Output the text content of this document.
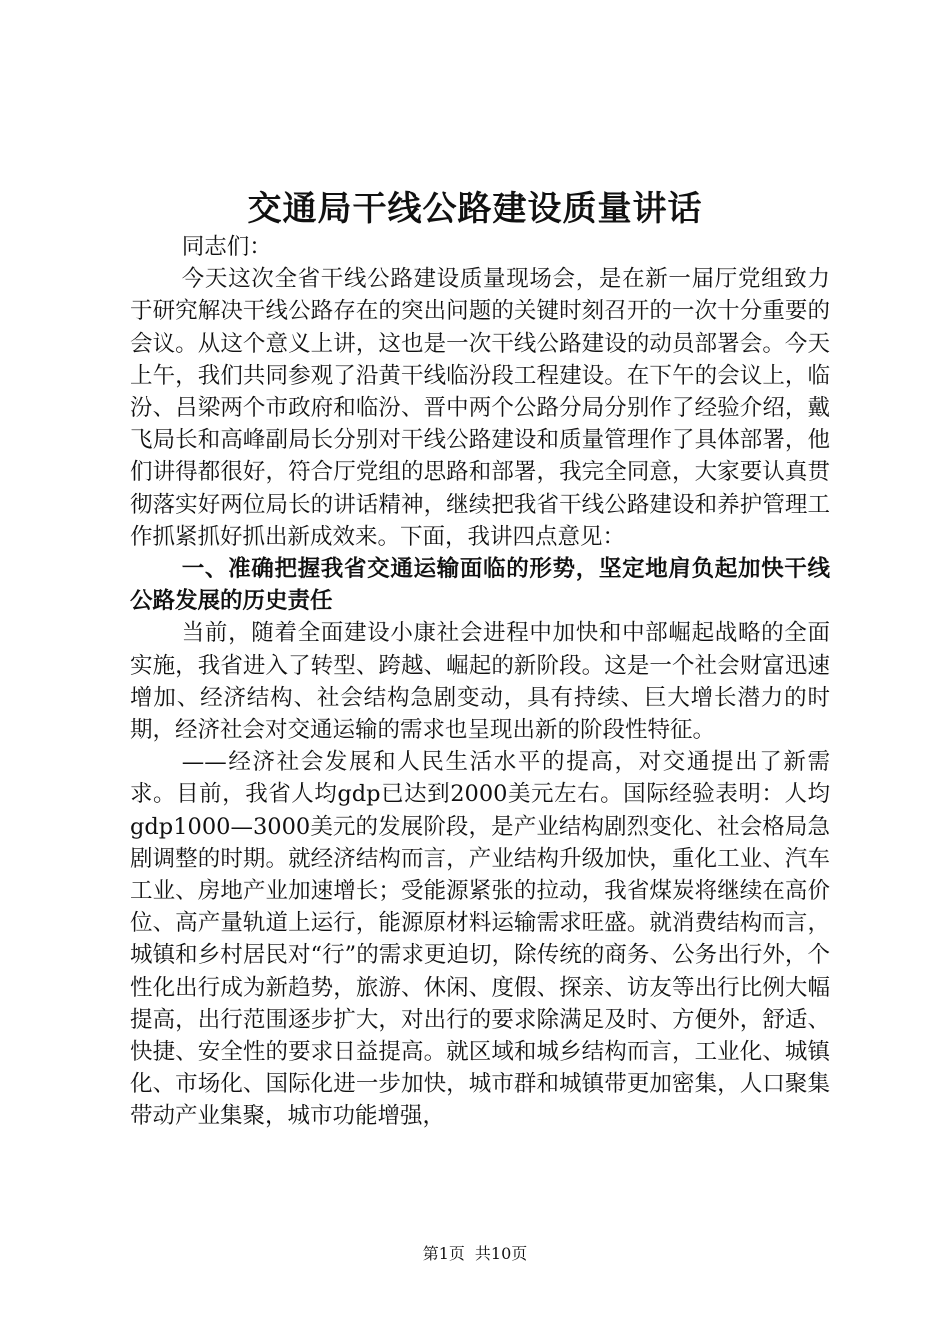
交通局干线公路建设质量讲话

同志们：

今天这次全省干线公路建设质量现场会，是在新一届厅党组致力于研究解决干线公路存在的突出问题的关键时刻召开的一次十分重要的会议。从这个意义上讲，这也是一次干线公路建设的动员部署会。今天上午，我们共同参观了沿黄干线临汾段工程建设。在下午的会议上，临汾、吕梁两个市政府和临汾、晋中两个公路分局分别作了经验介绍，戴飞局长和高峰副局长分别对干线公路建设和质量管理作了具体部署，他们讲得都很好，符合厅党组的思路和部署，我完全同意，大家要认真贯彻落实好两位局长的讲话精神，继续把我省干线公路建设和养护管理工作抓紧抓好抓出新成效来。下面，我讲四点意见：

一、准确把握我省交通运输面临的形势，坚定地肩负起加快干线公路发展的历史责任

当前，随着全面建设小康社会进程中加快和中部崛起战略的全面实施，我省进入了转型、跨越、崛起的新阶段。这是一个社会财富迅速增加、经济结构、社会结构急剧变动，具有持续、巨大增长潜力的时期，经济社会对交通运输的需求也呈现出新的阶段性特征。

——经济社会发展和人民生活水平的提高，对交通提出了新需求。目前，我省人均gdp已达到2000美元左右。国际经验表明：人均gdp1000—3000美元的发展阶段，是产业结构剧烈变化、社会格局急剧调整的时期。就经济结构而言，产业结构升级加快，重化工业、汽车工业、房地产业加速增长；受能源紧张的拉动，我省煤炭将继续在高价位、高产量轨道上运行，能源原材料运输需求旺盛。就消费结构而言，城镇和乡村居民对“行”的需求更迫切，除传统的商务、公务出行外，个性化出行成为新趋势，旅游、休闲、度假、探亲、访友等出行比例大幅提高，出行范围逐步扩大，对出行的要求除满足及时、方便外，舒适、快捷、安全性的要求日益提高。就区域和城乡结构而言，工业化、城镇化、市场化、国际化进一步加快，城市群和城镇带更加密集，人口聚集带动产业集聚，城市功能增强，

第1页 共10页
